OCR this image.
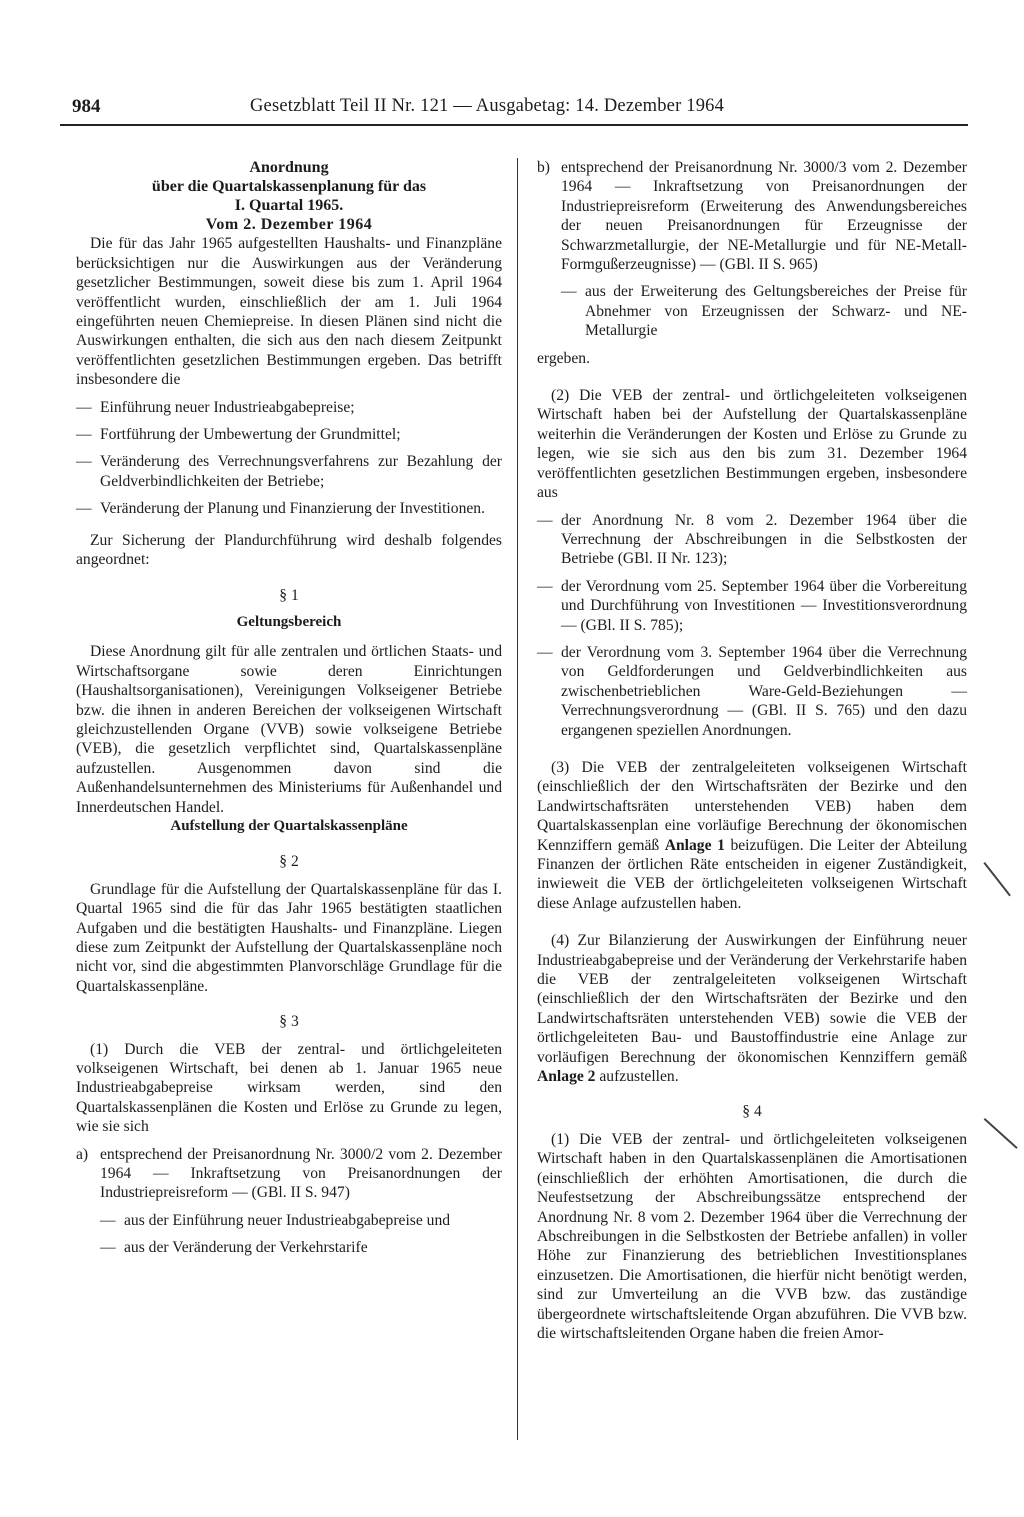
984	Gesetzblatt Teil II Nr. 121 — Ausgabetag: 14. Dezember 1964

Anordnung

über die Quartalskassenplanung für das

I. Quartal 1965.

Vom 2. Dezember 1964

Die für das Jahr 1965 aufgestellten Haushalts- und Finanzpläne berücksichtigen nur die Auswirkungen aus der Veränderung gesetzlicher Bestimmungen, soweit diese bis zum 1. April 1964 veröffentlicht wurden, einschließlich der am 1. Juli 1964 eingeführten neuen Chemiepreise. In diesen Plänen sind nicht die Auswirkungen enthalten, die sich aus den nach diesem Zeitpunkt veröffentlichten gesetzlichen Bestimmungen ergeben. Das betrifft insbesondere die

— Einführung neuer Industrieabgabepreise;
— Fortführung der Umbewertung der Grundmittel;
— Veränderung des Verrechnungsverfahrens zur Bezahlung der Geldverbindlichkeiten der Betriebe;
— Veränderung der Planung und Finanzierung der Investitionen.

Zur Sicherung der Plandurchführung wird deshalb folgendes angeordnet:

§ 1

Geltungsbereich

Diese Anordnung gilt für alle zentralen und örtlichen Staats- und Wirtschaftsorgane sowie deren Einrichtungen (Haushaltsorganisationen), Vereinigungen Volkseigener Betriebe bzw. die ihnen in anderen Bereichen der volkseigenen Wirtschaft gleichzustellenden Organe (VVB) sowie volkseigene Betriebe (VEB), die gesetzlich verpflichtet sind, Quartalskassenpläne aufzustellen. Ausgenommen davon sind die Außenhandelsunternehmen des Ministeriums für Außenhandel und Innerdeutschen Handel.

Aufstellung der Quartalskassenpläne

§ 2

Grundlage für die Aufstellung der Quartalskassenpläne für das I. Quartal 1965 sind die für das Jahr 1965 bestätigten staatlichen Aufgaben und die bestätigten Haushalts- und Finanzpläne. Liegen diese zum Zeitpunkt der Aufstellung der Quartalskassenpläne noch nicht vor, sind die abgestimmten Planvorschläge Grundlage für die Quartalskassenpläne.

§ 3

(1) Durch die VEB der zentral- und örtlichgeleiteten volkseigenen Wirtschaft, bei denen ab 1. Januar 1965 neue Industrieabgabepreise wirksam werden, sind den Quartalskassenplänen die Kosten und Erlöse zu Grunde zu legen, wie sie sich

a) entsprechend der Preisanordnung Nr. 3000/2 vom 2. Dezember 1964 — Inkraftsetzung von Preisanordnungen der Industriepreisreform — (GBl. II S. 947)
— aus der Einführung neuer Industrieabgabepreise und
— aus der Veränderung der Verkehrstarife
b) entsprechend der Preisanordnung Nr. 3000/3 vom 2. Dezember 1964 — Inkraftsetzung von Preisanordnungen der Industriepreisreform (Erweiterung des Anwendungsbereiches der neuen Preisanordnungen für Erzeugnisse der Schwarzmetallurgie, der NE-Metallurgie und für NE-Metall-Formgußerzeugnisse) — (GBl. II S. 965)
— aus der Erweiterung des Geltungsbereiches der Preise für Abnehmer von Erzeugnissen der Schwarz- und NE-Metallurgie

ergeben.

(2) Die VEB der zentral- und örtlichgeleiteten volkseigenen Wirtschaft haben bei der Aufstellung der Quartalskassenpläne weiterhin die Veränderungen der Kosten und Erlöse zu Grunde zu legen, wie sie sich aus den bis zum 31. Dezember 1964 veröffentlichten gesetzlichen Bestimmungen ergeben, insbesondere aus

— der Anordnung Nr. 8 vom 2. Dezember 1964 über die Verrechnung der Abschreibungen in die Selbstkosten der Betriebe (GBl. II Nr. 123);
— der Verordnung vom 25. September 1964 über die Vorbereitung und Durchführung von Investitionen — Investitionsverordnung — (GBl. II S. 785);
— der Verordnung vom 3. September 1964 über die Verrechnung von Geldforderungen und Geldverbindlichkeiten aus zwischenbetrieblichen Ware-Geld-Beziehungen — Verrechnungsverordnung — (GBl. II S. 765) und den dazu ergangenen speziellen Anordnungen.

(3) Die VEB der zentralgeleiteten volkseigenen Wirtschaft (einschließlich der den Wirtschaftsräten der Bezirke und den Landwirtschaftsräten unterstehenden VEB) haben dem Quartalskassenplan eine vorläufige Berechnung der ökonomischen Kennziffern gemäß Anlage 1 beizufügen. Die Leiter der Abteilung Finanzen der örtlichen Räte entscheiden in eigener Zuständigkeit, inwieweit die VEB der örtlichgeleiteten volkseigenen Wirtschaft diese Anlage aufzustellen haben.

(4) Zur Bilanzierung der Auswirkungen der Einführung neuer Industrieabgabepreise und der Veränderung der Verkehrstarife haben die VEB der zentralgeleiteten volkseigenen Wirtschaft (einschließlich der den Wirtschaftsräten der Bezirke und den Landwirtschaftsräten unterstehenden VEB) sowie die VEB der örtlichgeleiteten Bau- und Baustoffindustrie eine Anlage zur vorläufigen Berechnung der ökonomischen Kennziffern gemäß Anlage 2 aufzustellen.

§ 4

(1) Die VEB der zentral- und örtlichgeleiteten volkseigenen Wirtschaft haben in den Quartalskassenplänen die Amortisationen (einschließlich der erhöhten Amortisationen, die durch die Neufestsetzung der Abschreibungssätze entsprechend der Anordnung Nr. 8 vom 2. Dezember 1964 über die Verrechnung der Abschreibungen in die Selbstkosten der Betriebe anfallen) in voller Höhe zur Finanzierung des betrieblichen Investitionsplanes einzusetzen. Die Amortisationen, die hierfür nicht benötigt werden, sind zur Umverteilung an die VVB bzw. das zuständige übergeordnete wirtschaftsleitende Organ abzuführen. Die VVB bzw. die wirtschaftsleitenden Organe haben die freien Amor-
